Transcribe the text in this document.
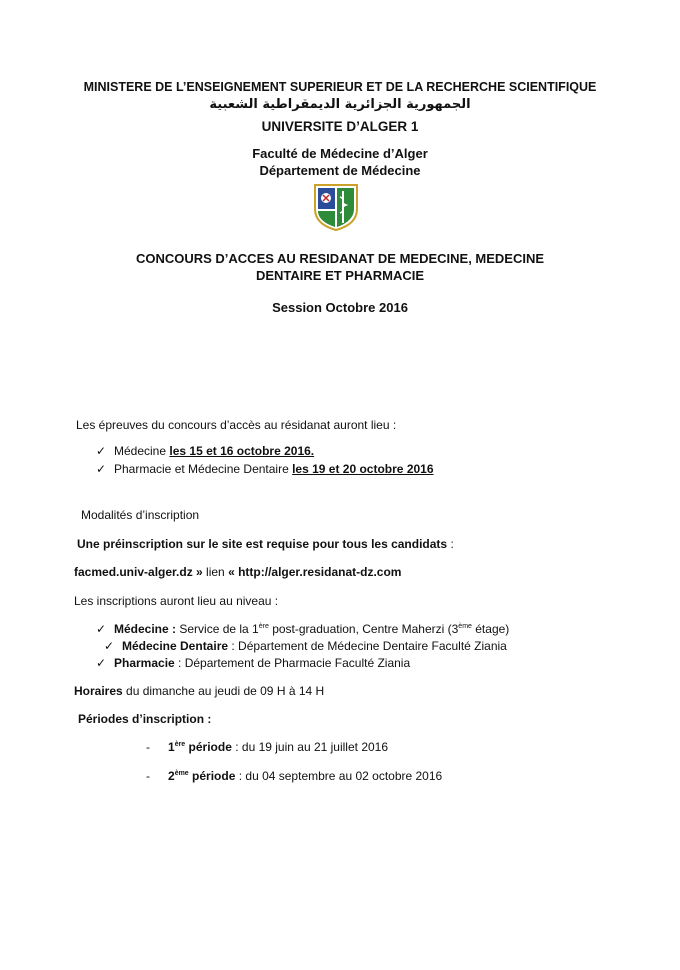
MINISTERE DE L’ENSEIGNEMENT SUPERIEUR ET DE LA RECHERCHE SCIENTIFIQUE
الجمهورية الجزائرية الديمقراطية الشعبية
UNIVERSITE D’ALGER 1
Faculté de Médecine d’Alger
Département de Médecine
CONCOURS D’ACCES AU RESIDANAT DE MEDECINE, MEDECINE
DENTAIRE ET PHARMACIE
Session Octobre 2016
Les épreuves du concours d’accès au résidanat auront lieu :
✓ Médecine les 15 et 16 octobre 2016.
✓ Pharmacie et Médecine Dentaire les 19 et 20 octobre 2016
Modalités d’inscription
Une préinscription sur le site est requise pour tous les candidats :
facmed.univ-alger.dz » lien « http://alger.residanat-dz.com
Les inscriptions auront lieu au niveau :
✓ Médecine : Service de la 1ère post-graduation, Centre Maherzi (3ème étage)
✓ Médecine Dentaire : Département de Médecine Dentaire Faculté Ziania
✓ Pharmacie : Département de Pharmacie Faculté Ziania
Horaires du dimanche au jeudi de 09 H à 14 H
Périodes d’inscription :
- 1ère période : du 19 juin au 21 juillet 2016
- 2ème période : du 04 septembre au 02 octobre 2016
